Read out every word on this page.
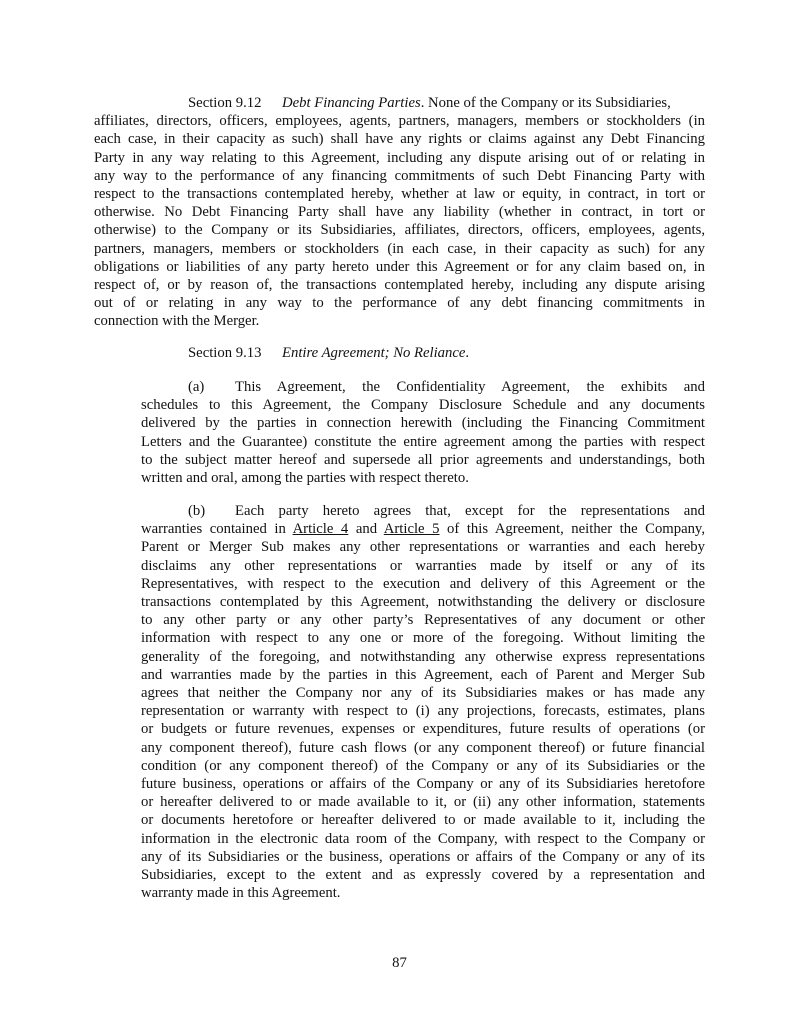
Section 9.12 Debt Financing Parties. None of the Company or its Subsidiaries,
affiliates, directors, officers, employees, agents, partners, managers, members or stockholders (in
each case, in their capacity as such) shall have any rights or claims against any Debt Financing
Party in any way relating to this Agreement, including any dispute arising out of or relating in
any way to the performance of any financing commitments of such Debt Financing Party with
respect to the transactions contemplated hereby, whether at law or equity, in contract, in tort or
otherwise. No Debt Financing Party shall have any liability (whether in contract, in tort or
otherwise) to the Company or its Subsidiaries, affiliates, directors, officers, employees, agents,
partners, managers, members or stockholders (in each case, in their capacity as such) for any
obligations or liabilities of any party hereto under this Agreement or for any claim based on, in
respect of, or by reason of, the transactions contemplated hereby, including any dispute arising
out of or relating in any way to the performance of any debt financing commitments in
connection with the Merger.
Section 9.13 Entire Agreement; No Reliance.
(a) This Agreement, the Confidentiality Agreement, the exhibits and
schedules to this Agreement, the Company Disclosure Schedule and any documents
delivered by the parties in connection herewith (including the Financing Commitment
Letters and the Guarantee) constitute the entire agreement among the parties with respect
to the subject matter hereof and supersede all prior agreements and understandings, both
written and oral, among the parties with respect thereto.
(b) Each party hereto agrees that, except for the representations and
warranties contained in Article 4 and Article 5 of this Agreement, neither the Company,
Parent or Merger Sub makes any other representations or warranties and each hereby
disclaims any other representations or warranties made by itself or any of its
Representatives, with respect to the execution and delivery of this Agreement or the
transactions contemplated by this Agreement, notwithstanding the delivery or disclosure
to any other party or any other party’s Representatives of any document or other
information with respect to any one or more of the foregoing. Without limiting the
generality of the foregoing, and notwithstanding any otherwise express representations
and warranties made by the parties in this Agreement, each of Parent and Merger Sub
agrees that neither the Company nor any of its Subsidiaries makes or has made any
representation or warranty with respect to (i) any projections, forecasts, estimates, plans
or budgets or future revenues, expenses or expenditures, future results of operations (or
any component thereof), future cash flows (or any component thereof) or future financial
condition (or any component thereof) of the Company or any of its Subsidiaries or the
future business, operations or affairs of the Company or any of its Subsidiaries heretofore
or hereafter delivered to or made available to it, or (ii) any other information, statements
or documents heretofore or hereafter delivered to or made available to it, including the
information in the electronic data room of the Company, with respect to the Company or
any of its Subsidiaries or the business, operations or affairs of the Company or any of its
Subsidiaries, except to the extent and as expressly covered by a representation and
warranty made in this Agreement.
87
